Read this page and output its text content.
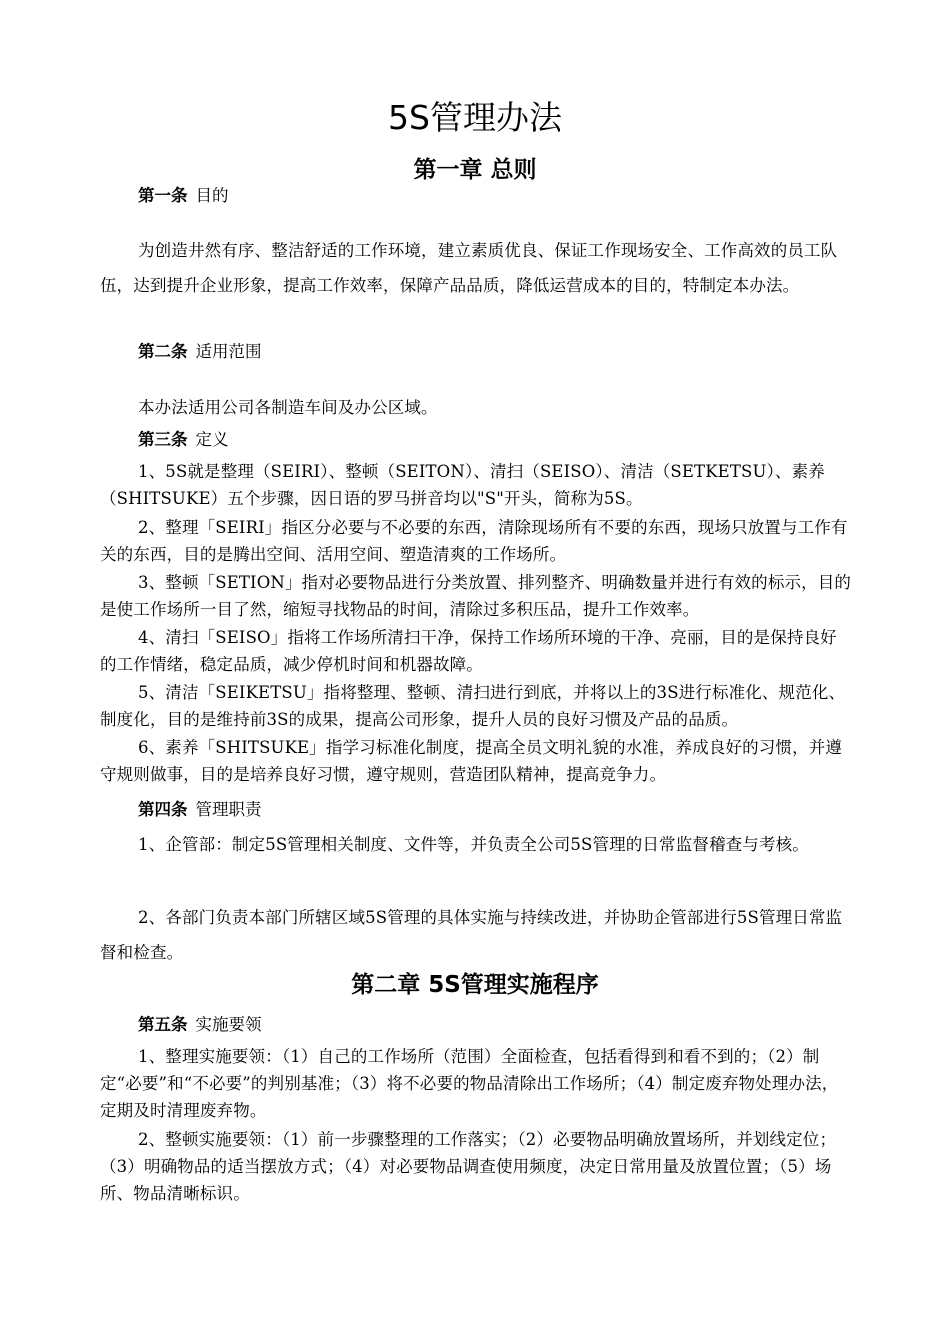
5S管理办法
第一章 总则

第一条 目的

为创造井然有序、整洁舒适的工作环境，建立素质优良、保证工作现场安全、工作高效的员工队伍，达到提升企业形象，提高工作效率，保障产品品质，降低运营成本的目的，特制定本办法。

第二条 适用范围

本办法适用公司各制造车间及办公区域。

第三条 定义

1、5S就是整理（SEIRI）、整顿（SEITON）、清扫（SEISO）、清洁（SETKETSU）、素养（SHITSUKE）五个步骤，因日语的罗马拼音均以"S"开头，简称为5S。

2、整理「SEIRI」指区分必要与不必要的东西，清除现场所有不要的东西，现场只放置与工作有关的东西，目的是腾出空间、活用空间、塑造清爽的工作场所。

3、整顿「SETION」指对必要物品进行分类放置、排列整齐、明确数量并进行有效的标示，目的是使工作场所一目了然，缩短寻找物品的时间，清除过多积压品，提升工作效率。

4、清扫「SEISO」指将工作场所清扫干净，保持工作场所环境的干净、亮丽，目的是保持良好的工作情绪，稳定品质，减少停机时间和机器故障。

5、清洁「SEIKETSU」指将整理、整顿、清扫进行到底，并将以上的3S进行标准化、规范化、制度化，目的是维持前3S的成果，提高公司形象，提升人员的良好习惯及产品的品质。

6、素养「SHITSUKE」指学习标准化制度，提高全员文明礼貌的水准，养成良好的习惯，并遵守规则做事，目的是培养良好习惯，遵守规则，营造团队精神，提高竞争力。

第四条 管理职责

1、企管部：制定5S管理相关制度、文件等，并负责全公司5S管理的日常监督稽查与考核。

2、各部门负责本部门所辖区域5S管理的具体实施与持续改进，并协助企管部进行5S管理日常监督和检查。

第二章 5S管理实施程序

第五条 实施要领

1、整理实施要领：（1）自己的工作场所（范围）全面检查，包括看得到和看不到的；（2）制定“必要”和“不必要”的判别基准；（3）将不必要的物品清除出工作场所；（4）制定废弃物处理办法，定期及时清理废弃物。

2、整顿实施要领：（1）前一步骤整理的工作落实；（2）必要物品明确放置场所，并划线定位；（3）明确物品的适当摆放方式；（4）对必要物品调查使用频度，决定日常用量及放置位置；（5）场所、物品清晰标识。
